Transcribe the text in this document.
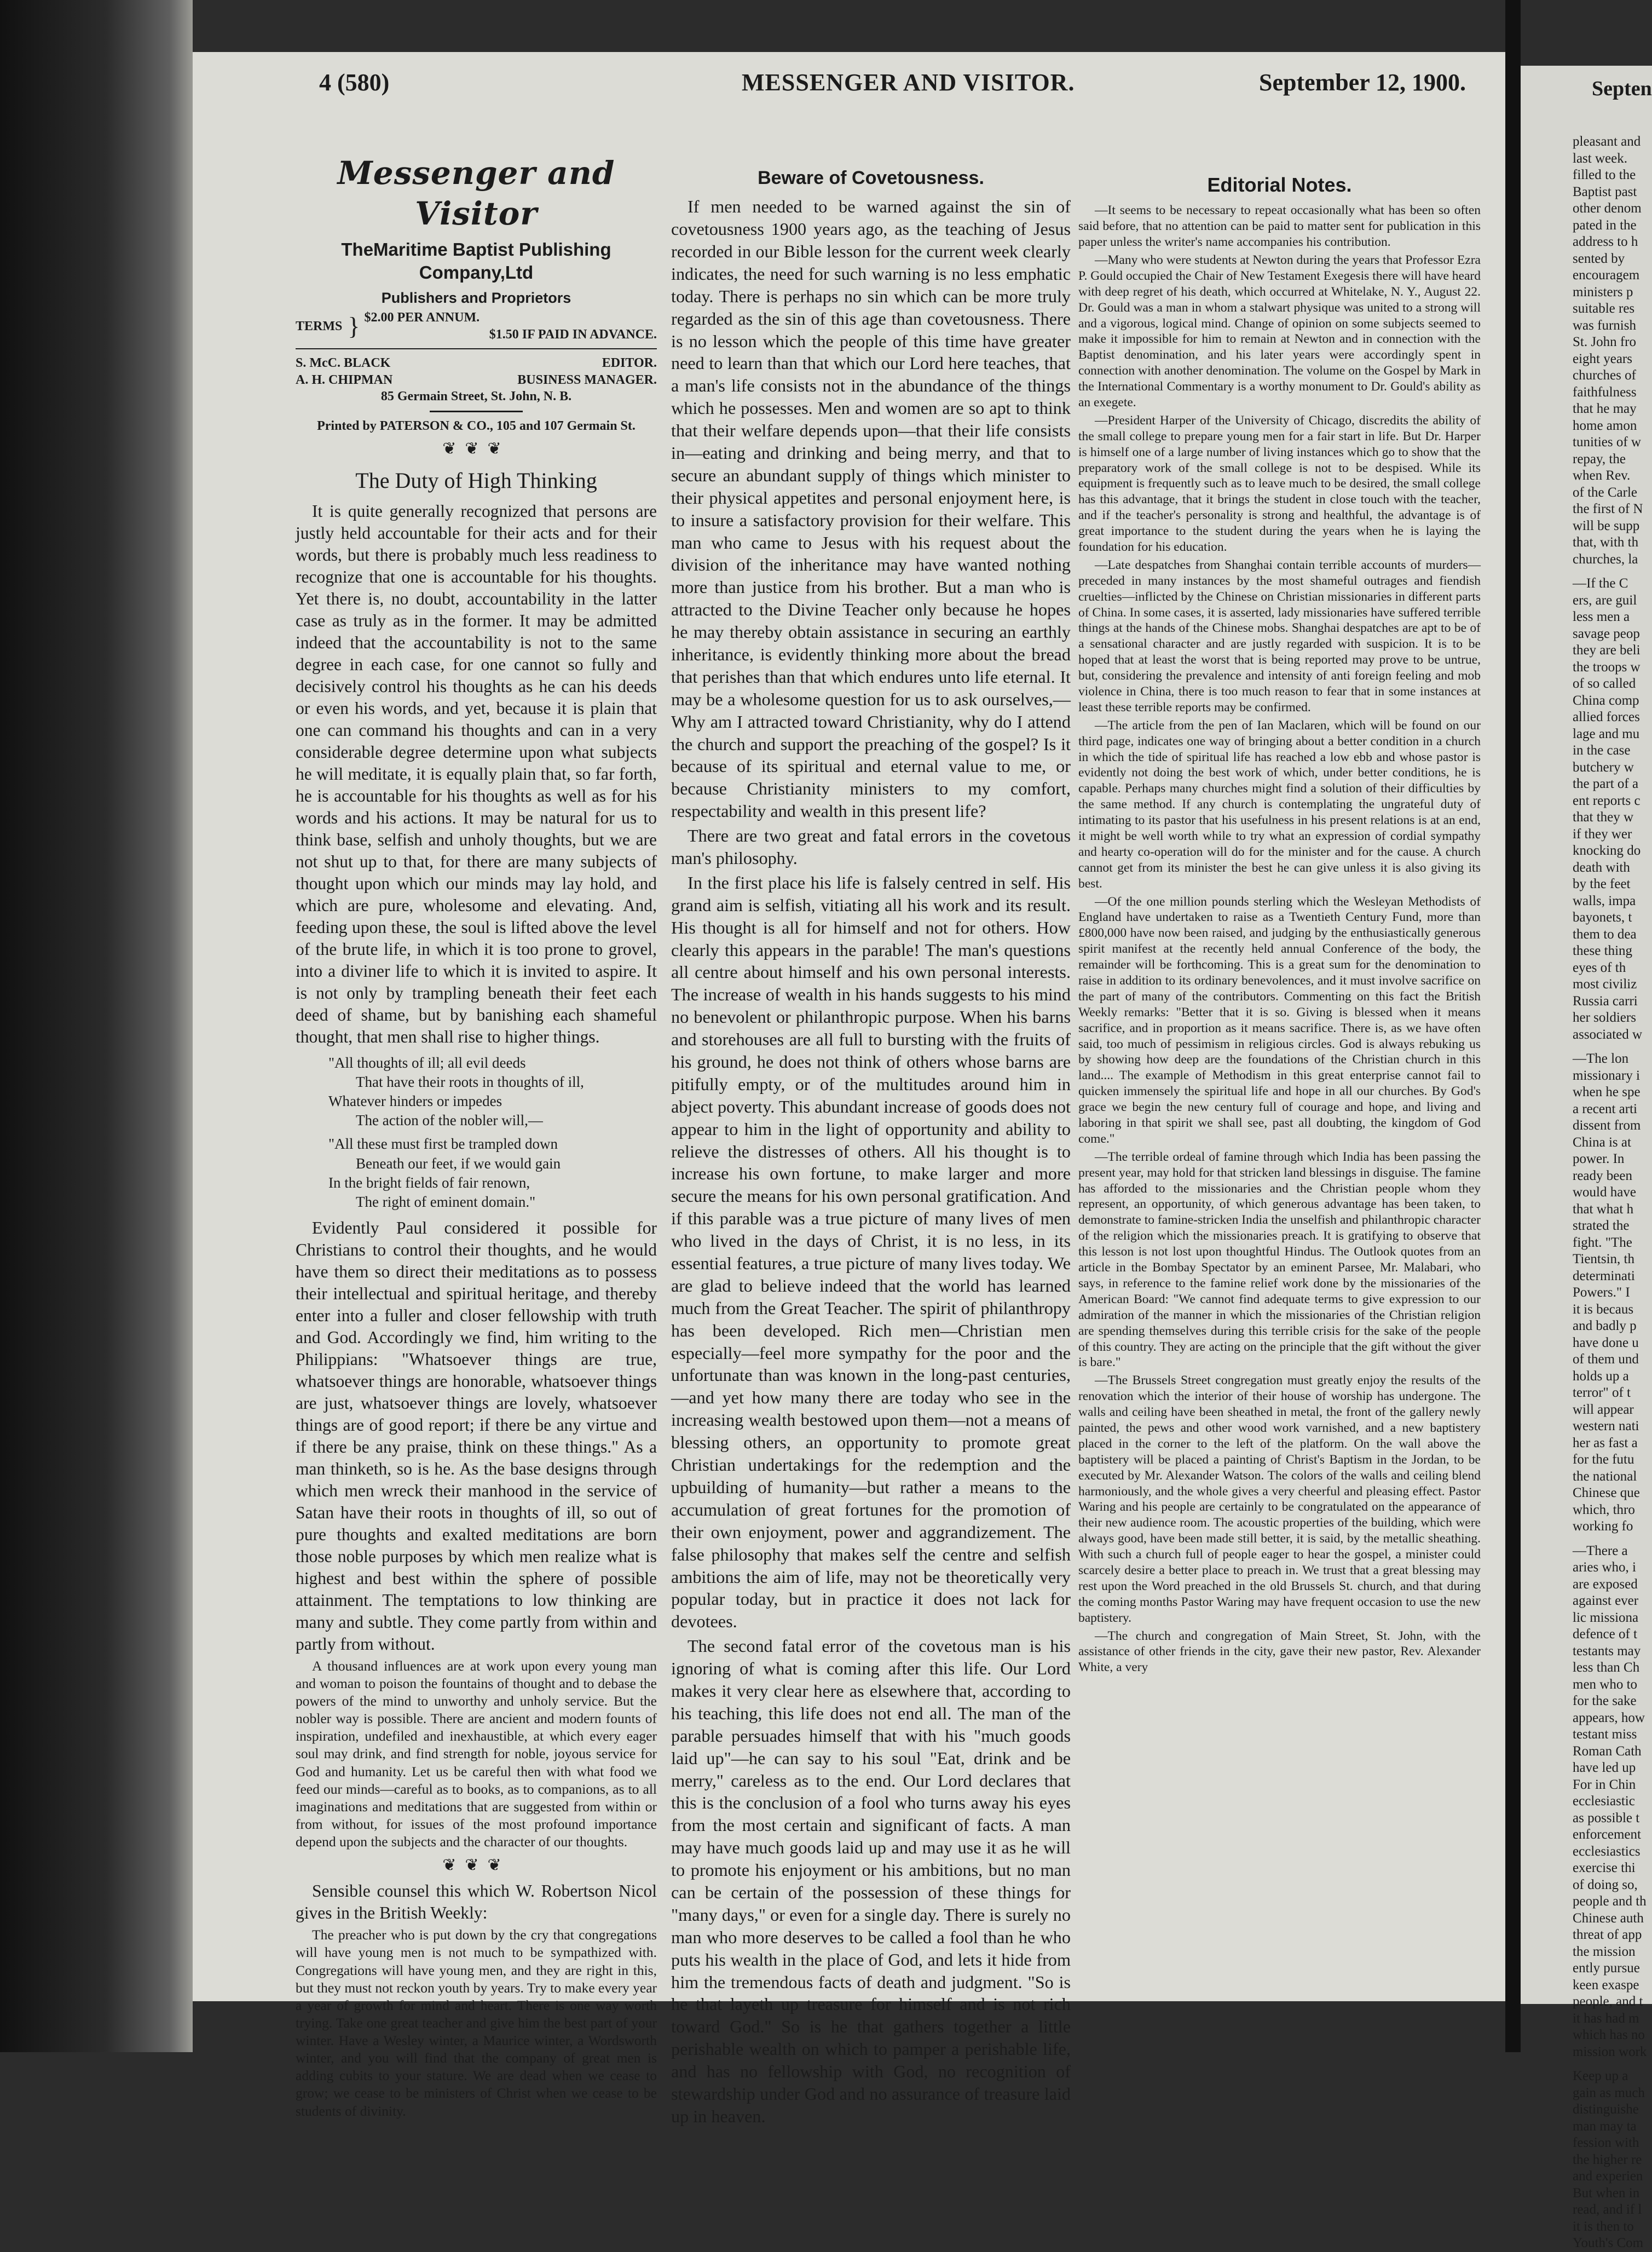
4 (580)	MESSENGER AND VISITOR.	September 12, 1900.
Messenger and Visitor
TheMaritime Baptist Publishing Company,Ltd
Publishers and Proprietors
TERMS } $2.00 PER ANNUM.
$1.50 IF PAID IN ADVANCE.
S. McC. BLACK	EDITOR.
A. H. CHIPMAN	BUSINESS MANAGER.
85 Germain Street, St. John, N. B.
Printed by PATERSON & CO., 105 and 107 Germain St.
❦❦❦
The Duty of High Thinking

It is quite generally recognized that persons are justly held accountable for their acts and for their words, but there is probably much less readiness to recognize that one is accountable for his thoughts. Yet there is, no doubt, accountability in the latter case as truly as in the former. It may be admitted indeed that the accountability is not to the same degree in each case, for one cannot so fully and decisively control his thoughts as he can his deeds or even his words, and yet, because it is plain that one can command his thoughts and can in a very considerable degree determine upon what subjects he will meditate, it is equally plain that, so far forth, he is accountable for his thoughts as well as for his words and his actions. It may be natural for us to think base, selfish and unholy thoughts, but we are not shut up to that, for there are many subjects of thought upon which our minds may lay hold, and which are pure, wholesome and elevating. And, feeding upon these, the soul is lifted above the level of the brute life, in which it is too prone to grovel, into a diviner life to which it is invited to aspire. It is not only by trampling beneath their feet each deed of shame, but by banishing each shameful thought, that men shall rise to higher things.

"All thoughts of ill; all evil deeds
That have their roots in thoughts of ill,
Whatever hinders or impedes
The action of the nobler will,—
"All these must first be trampled down
Beneath our feet, if we would gain
In the bright fields of fair renown,
The right of eminent domain."

Evidently Paul considered it possible for Christians to control their thoughts, and he would have them so direct their meditations as to possess their intellectual and spiritual heritage, and thereby enter into a fuller and closer fellowship with truth and God. Accordingly we find, him writing to the Philippians: "Whatsoever things are true, whatsoever things are honorable, whatsoever things are just, whatsoever things are lovely, whatsoever things are of good report; if there be any virtue and if there be any praise, think on these things." As a man thinketh, so is he. As the base designs through which men wreck their manhood in the service of Satan have their roots in thoughts of ill, so out of pure thoughts and exalted meditations are born those noble purposes by which men realize what is highest and best within the sphere of possible attainment. The temptations to low thinking are many and subtle. They come partly from within and partly from without.

A thousand influences are at work upon every young man and woman to poison the fountains of thought and to debase the powers of the mind to unworthy and unholy service. But the nobler way is possible. There are ancient and modern founts of inspiration, undefiled and inexhaustible, at which every eager soul may drink, and find strength for noble, joyous service for God and humanity. Let us be careful then with what food we feed our minds—careful as to books, as to companions, as to all imaginations and meditations that are suggested from within or from without, for issues of the most profound importance depend upon the subjects and the character of our thoughts.

❦❦❦

Sensible counsel this which W. Robertson Nicol gives in the British Weekly:

The preacher who is put down by the cry that congregations will have young men is not much to be sympathized with. Congregations will have young men, and they are right in this, but they must not reckon youth by years. Try to make every year a year of growth for mind and heart. There is one way worth trying. Take one great teacher and give him the best part of your winter. Have a Wesley winter, a Maurice winter, a Wordsworth winter, and you will find that the company of great men is adding cubits to your stature. We are dead when we cease to grow; we cease to be ministers of Christ when we cease to be students of divinity.

Beware of Covetousness.

If men needed to be warned against the sin of covetousness 1900 years ago, as the teaching of Jesus recorded in our Bible lesson for the current week clearly indicates, the need for such warning is no less emphatic today. There is perhaps no sin which can be more truly regarded as the sin of this age than covetousness. There is no lesson which the people of this time have greater need to learn than that which our Lord here teaches, that a man's life consists not in the abundance of the things which he possesses. Men and women are so apt to think that their welfare depends upon—that their life consists in—eating and drinking and being merry, and that to secure an abundant supply of things which minister to their physical appetites and personal enjoyment here, is to insure a satisfactory provision for their welfare. This man who came to Jesus with his request about the division of the inheritance may have wanted nothing more than justice from his brother. But a man who is attracted to the Divine Teacher only because he hopes he may thereby obtain assistance in securing an earthly inheritance, is evidently thinking more about the bread that perishes than that which endures unto life eternal. It may be a wholesome question for us to ask ourselves,—Why am I attracted toward Christianity, why do I attend the church and support the preaching of the gospel? Is it because of its spiritual and eternal value to me, or because Christianity ministers to my comfort, respectability and wealth in this present life?

There are two great and fatal errors in the covetous man's philosophy.

In the first place his life is falsely centred in self. His grand aim is selfish, vitiating all his work and its result. His thought is all for himself and not for others. How clearly this appears in the parable! The man's questions all centre about himself and his own personal interests. The increase of wealth in his hands suggests to his mind no benevolent or philanthropic purpose. When his barns and storehouses are all full to bursting with the fruits of his ground, he does not think of others whose barns are pitifully empty, or of the multitudes around him in abject poverty. This abundant increase of goods does not appear to him in the light of opportunity and ability to relieve the distresses of others. All his thought is to increase his own fortune, to make larger and more secure the means for his own personal gratification. And if this parable was a true picture of many lives of men who lived in the days of Christ, it is no less, in its essential features, a true picture of many lives today. We are glad to believe indeed that the world has learned much from the Great Teacher. The spirit of philanthropy has been developed. Rich men—Christian men especially—feel more sympathy for the poor and the unfortunate than was known in the long-past centuries,—and yet how many there are today who see in the increasing wealth bestowed upon them—not a means of blessing others, an opportunity to promote great Christian undertakings for the redemption and the upbuilding of humanity—but rather a means to the accumulation of great fortunes for the promotion of their own enjoyment, power and aggrandizement. The false philosophy that makes self the centre and selfish ambitions the aim of life, may not be theoretically very popular today, but in practice it does not lack for devotees.

The second fatal error of the covetous man is his ignoring of what is coming after this life. Our Lord makes it very clear here as elsewhere that, according to his teaching, this life does not end all. The man of the parable persuades himself that with his "much goods laid up"—he can say to his soul "Eat, drink and be merry," careless as to the end. Our Lord declares that this is the conclusion of a fool who turns away his eyes from the most certain and significant of facts. A man may have much goods laid up and may use it as he will to promote his enjoyment or his ambitions, but no man can be certain of the possession of these things for "many days," or even for a single day. There is surely no man who more deserves to be called a fool than he who puts his wealth in the place of God, and lets it hide from him the tremendous facts of death and judgment. "So is he that layeth up treasure for himself and is not rich toward God." So is he that gathers together a little perishable wealth on which to pamper a perishable life, and has no fellowship with God, no recognition of stewardship under God and no assurance of treasure laid up in heaven.

Editorial Notes.

—It seems to be necessary to repeat occasionally what has been so often said before, that no attention can be paid to matter sent for publication in this paper unless the writer's name accompanies his contribution.

—Many who were students at Newton during the years that Professor Ezra P. Gould occupied the Chair of New Testament Exegesis there will have heard with deep regret of his death, which occurred at Whitelake, N. Y., August 22. Dr. Gould was a man in whom a stalwart physique was united to a strong will and a vigorous, logical mind. Change of opinion on some subjects seemed to make it impossible for him to remain at Newton and in connection with the Baptist denomination, and his later years were accordingly spent in connection with another denomination. The volume on the Gospel by Mark in the International Commentary is a worthy monument to Dr. Gould's ability as an exegete.

—President Harper of the University of Chicago, discredits the ability of the small college to prepare young men for a fair start in life. But Dr. Harper is himself one of a large number of living instances which go to show that the preparatory work of the small college is not to be despised. While its equipment is frequently such as to leave much to be desired, the small college has this advantage, that it brings the student in close touch with the teacher, and if the teacher's personality is strong and healthful, the advantage is of great importance to the student during the years when he is laying the foundation for his education.

—Late despatches from Shanghai contain terrible accounts of murders—preceded in many instances by the most shameful outrages and fiendish cruelties—inflicted by the Chinese on Christian missionaries in different parts of China. In some cases, it is asserted, lady missionaries have suffered terrible things at the hands of the Chinese mobs. Shanghai despatches are apt to be of a sensational character and are justly regarded with suspicion. It is to be hoped that at least the worst that is being reported may prove to be untrue, but, considering the prevalence and intensity of anti foreign feeling and mob violence in China, there is too much reason to fear that in some instances at least these terrible reports may be confirmed.

—The article from the pen of Ian Maclaren, which will be found on our third page, indicates one way of bringing about a better condition in a church in which the tide of spiritual life has reached a low ebb and whose pastor is evidently not doing the best work of which, under better conditions, he is capable. Perhaps many churches might find a solution of their difficulties by the same method. If any church is contemplating the ungrateful duty of intimating to its pastor that his usefulness in his present relations is at an end, it might be well worth while to try what an expression of cordial sympathy and hearty co-operation will do for the minister and for the cause. A church cannot get from its minister the best he can give unless it is also giving its best.

—Of the one million pounds sterling which the Wesleyan Methodists of England have undertaken to raise as a Twentieth Century Fund, more than £800,000 have now been raised, and judging by the enthusiastically generous spirit manifest at the recently held annual Conference of the body, the remainder will be forthcoming. This is a great sum for the denomination to raise in addition to its ordinary benevolences, and it must involve sacrifice on the part of many of the contributors. Commenting on this fact the British Weekly remarks: "Better that it is so. Giving is blessed when it means sacrifice, and in proportion as it means sacrifice. There is, as we have often said, too much of pessimism in religious circles. God is always rebuking us by showing how deep are the foundations of the Christian church in this land.... The example of Methodism in this great enterprise cannot fail to quicken immensely the spiritual life and hope in all our churches. By God's grace we begin the new century full of courage and hope, and living and laboring in that spirit we shall see, past all doubting, the kingdom of God come."

—The terrible ordeal of famine through which India has been passing the present year, may hold for that stricken land blessings in disguise. The famine has afforded to the missionaries and the Christian people whom they represent, an opportunity, of which generous advantage has been taken, to demonstrate to famine-stricken India the unselfish and philanthropic character of the religion which the missionaries preach. It is gratifying to observe that this lesson is not lost upon thoughtful Hindus. The Outlook quotes from an article in the Bombay Spectator by an eminent Parsee, Mr. Malabari, who says, in reference to the famine relief work done by the missionaries of the American Board: "We cannot find adequate terms to give expression to our admiration of the manner in which the missionaries of the Christian religion are spending themselves during this terrible crisis for the sake of the people of this country. They are acting on the principle that the gift without the giver is bare."

—The Brussels Street congregation must greatly enjoy the results of the renovation which the interior of their house of worship has undergone. The walls and ceiling have been sheathed in metal, the front of the gallery newly painted, the pews and other wood work varnished, and a new baptistery placed in the corner to the left of the platform. On the wall above the baptistery will be placed a painting of Christ's Baptism in the Jordan, to be executed by Mr. Alexander Watson. The colors of the walls and ceiling blend harmoniously, and the whole gives a very cheerful and pleasing effect. Pastor Waring and his people are certainly to be congratulated on the appearance of their new audience room. The acoustic properties of the building, which were always good, have been made still better, it is said, by the metallic sheathing. With such a church full of people eager to hear the gospel, a minister could scarcely desire a better place to preach in. We trust that a great blessing may rest upon the Word preached in the old Brussels St. church, and that during the coming months Pastor Waring may have frequent occasion to use the new baptistery.

—The church and congregation of Main Street, St. John, with the assistance of other friends in the city, gave their new pastor, Rev. Alexander White, a very

Septen

pleasant and

last week.

filled to the

Baptist past

other denom

pated in the

address to h

sented by

encouragem

ministers p

suitable res

was furnish

St. John fro

eight years

churches of

faithfulness

that he may

home amon

tunities of w

repay, the

when Rev.

of the Carle

the first of N

will be supp

that, with th

churches, la

—If the C

ers, are guil

less men a

savage peop

they are beli

the troops w

of so called

China comp

allied forces

lage and mu

in the case

butchery w

the part of a

ent reports c

that they w

if they wer

knocking do

death with

by the feet

walls, impa

bayonets, t

them to dea

these thing

eyes of th

most civiliz

Russia carri

her soldiers

associated w

—The lon

missionary i

when he spe

a recent arti

dissent from

China is at

power. In

ready been

would have

that what h

strated the

fight. "The

Tientsin, th

determinati

Powers." I

it is becaus

and badly p

have done u

of them und

holds up a

terror" of t

will appear

western nati

her as fast a

for the futu

the national

Chinese que

which, thro

working fo

—There a

aries who, i

are exposed

against ever

lic missiona

defence of t

testants may

less than Ch

men who to

for the sake

appears, how

testant miss

Roman Cath

have led up

For in Chin

ecclesiastic

as possible t

enforcement

ecclesiastics

exercise thi

of doing so,

people and th

Chinese auth

threat of app

the mission

ently pursue

keen exaspe

people, and t

it has had m

which has no

mission work

Keep up a

gain as much

distinguishe

man may ta

fession with

the higher re

and experien

But when in

read, and if l

it is then to

Youth's Com
